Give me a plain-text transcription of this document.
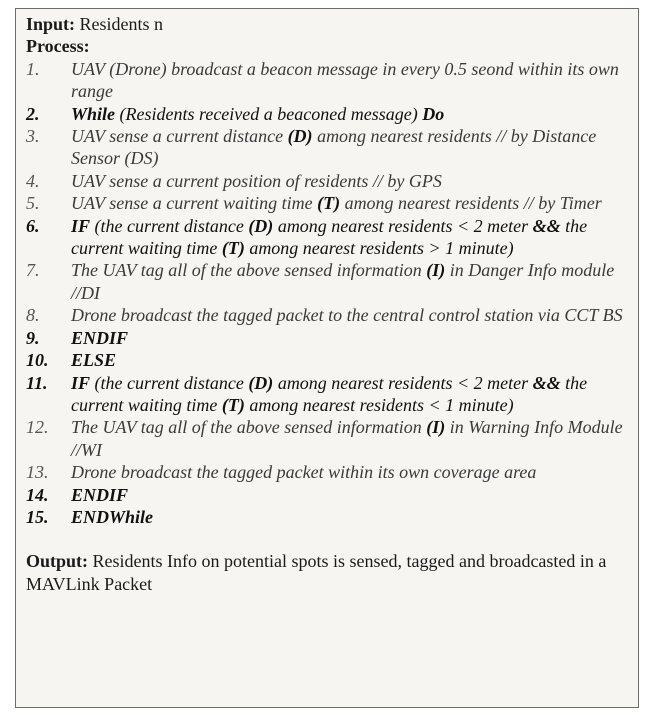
Input: Residents n
Process:
1.	UAV (Drone) broadcast a beacon message in every 0.5 seond within its own range
2.	While (Residents received a beaconed message) Do
3.	UAV sense a current distance (D) among nearest residents // by Distance Sensor (DS)
4.	UAV sense a current position of residents // by GPS
5.	UAV sense a current waiting time (T) among nearest residents // by Timer
6.	IF (the current distance (D) among nearest residents < 2 meter && the current waiting time (T) among nearest residents > 1 minute)
7.	The UAV tag all of the above sensed information (I) in Danger Info module //DI
8.	Drone broadcast the tagged packet to the central control station via CCT BS
9.	ENDIF
10.	ELSE
11.	IF (the current distance (D) among nearest residents < 2 meter && the current waiting time (T) among nearest residents < 1 minute)
12.	The UAV tag all of the above sensed information (I) in Warning Info Module //WI
13.	Drone broadcast the tagged packet within its own coverage area
14.	ENDIF
15.	ENDWhile
Output: Residents Info on potential spots is sensed, tagged and broadcasted in a MAVLink Packet
